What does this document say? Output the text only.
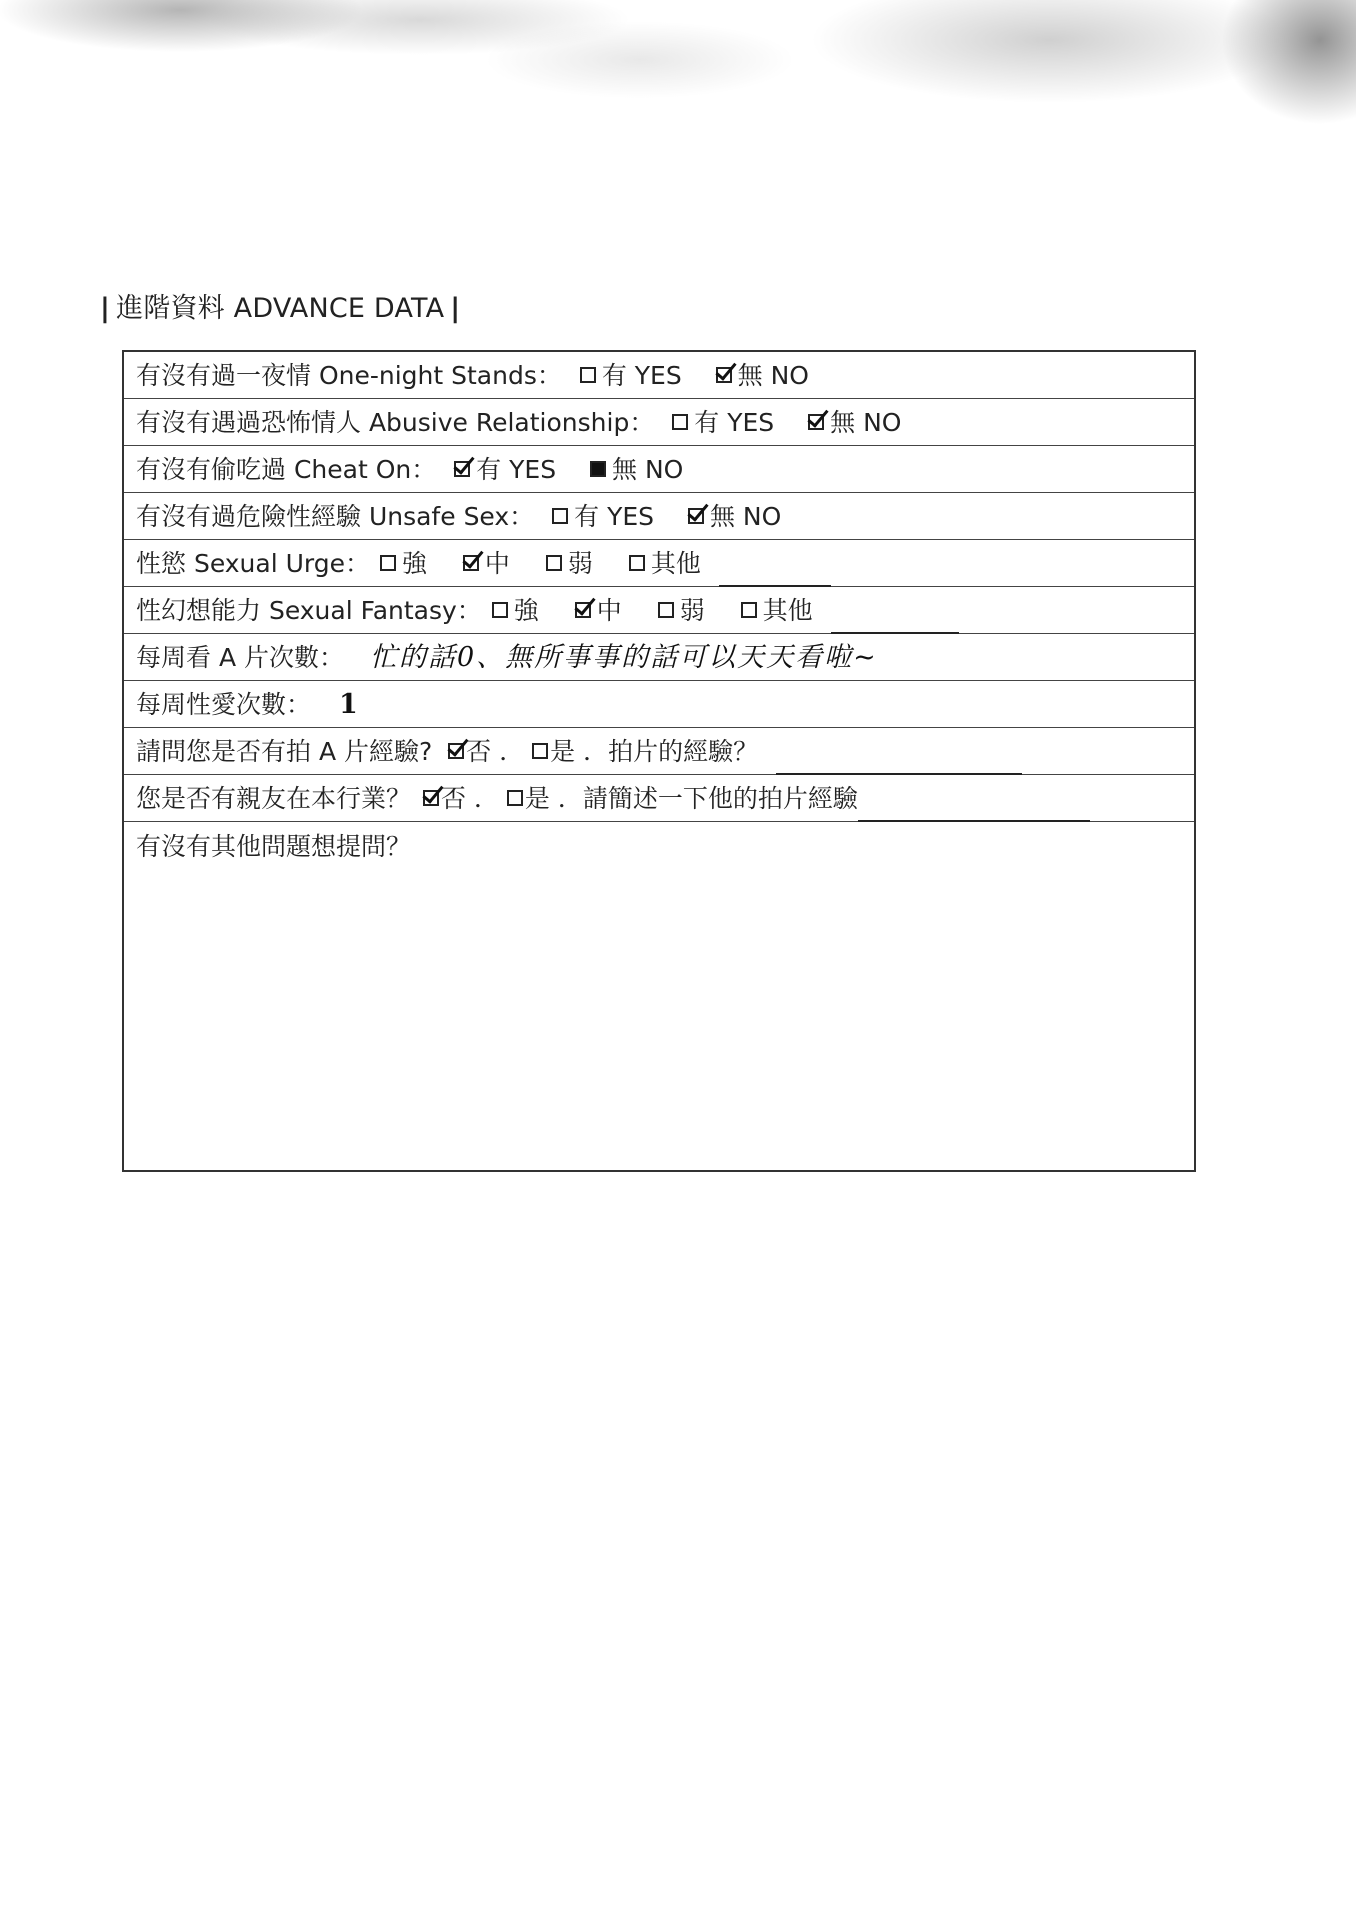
| 進階資料 ADVANCE DATA |
有沒有過一夜情 One-night Stands： 有 YES 無 NO
有沒有遇過恐怖情人 Abusive Relationship： 有 YES 無 NO
有沒有偷吃過 Cheat On： 有 YES 無 NO
有沒有過危險性經驗 Unsafe Sex： 有 YES 無 NO
性慾 Sexual Urge： 強 中 弱 其他
性幻想能力 Sexual Fantasy： 強 中 弱 其他
每周看 A 片次數： 忙的話0、無所事事的話可以天天看啦~
每周性愛次數： 1
請問您是否有拍 A 片經驗? 否 ． 是 ．拍片的經驗？
您是否有親友在本行業？ 否 ． 是 ．請簡述一下他的拍片經驗
有沒有其他問題想提問？
